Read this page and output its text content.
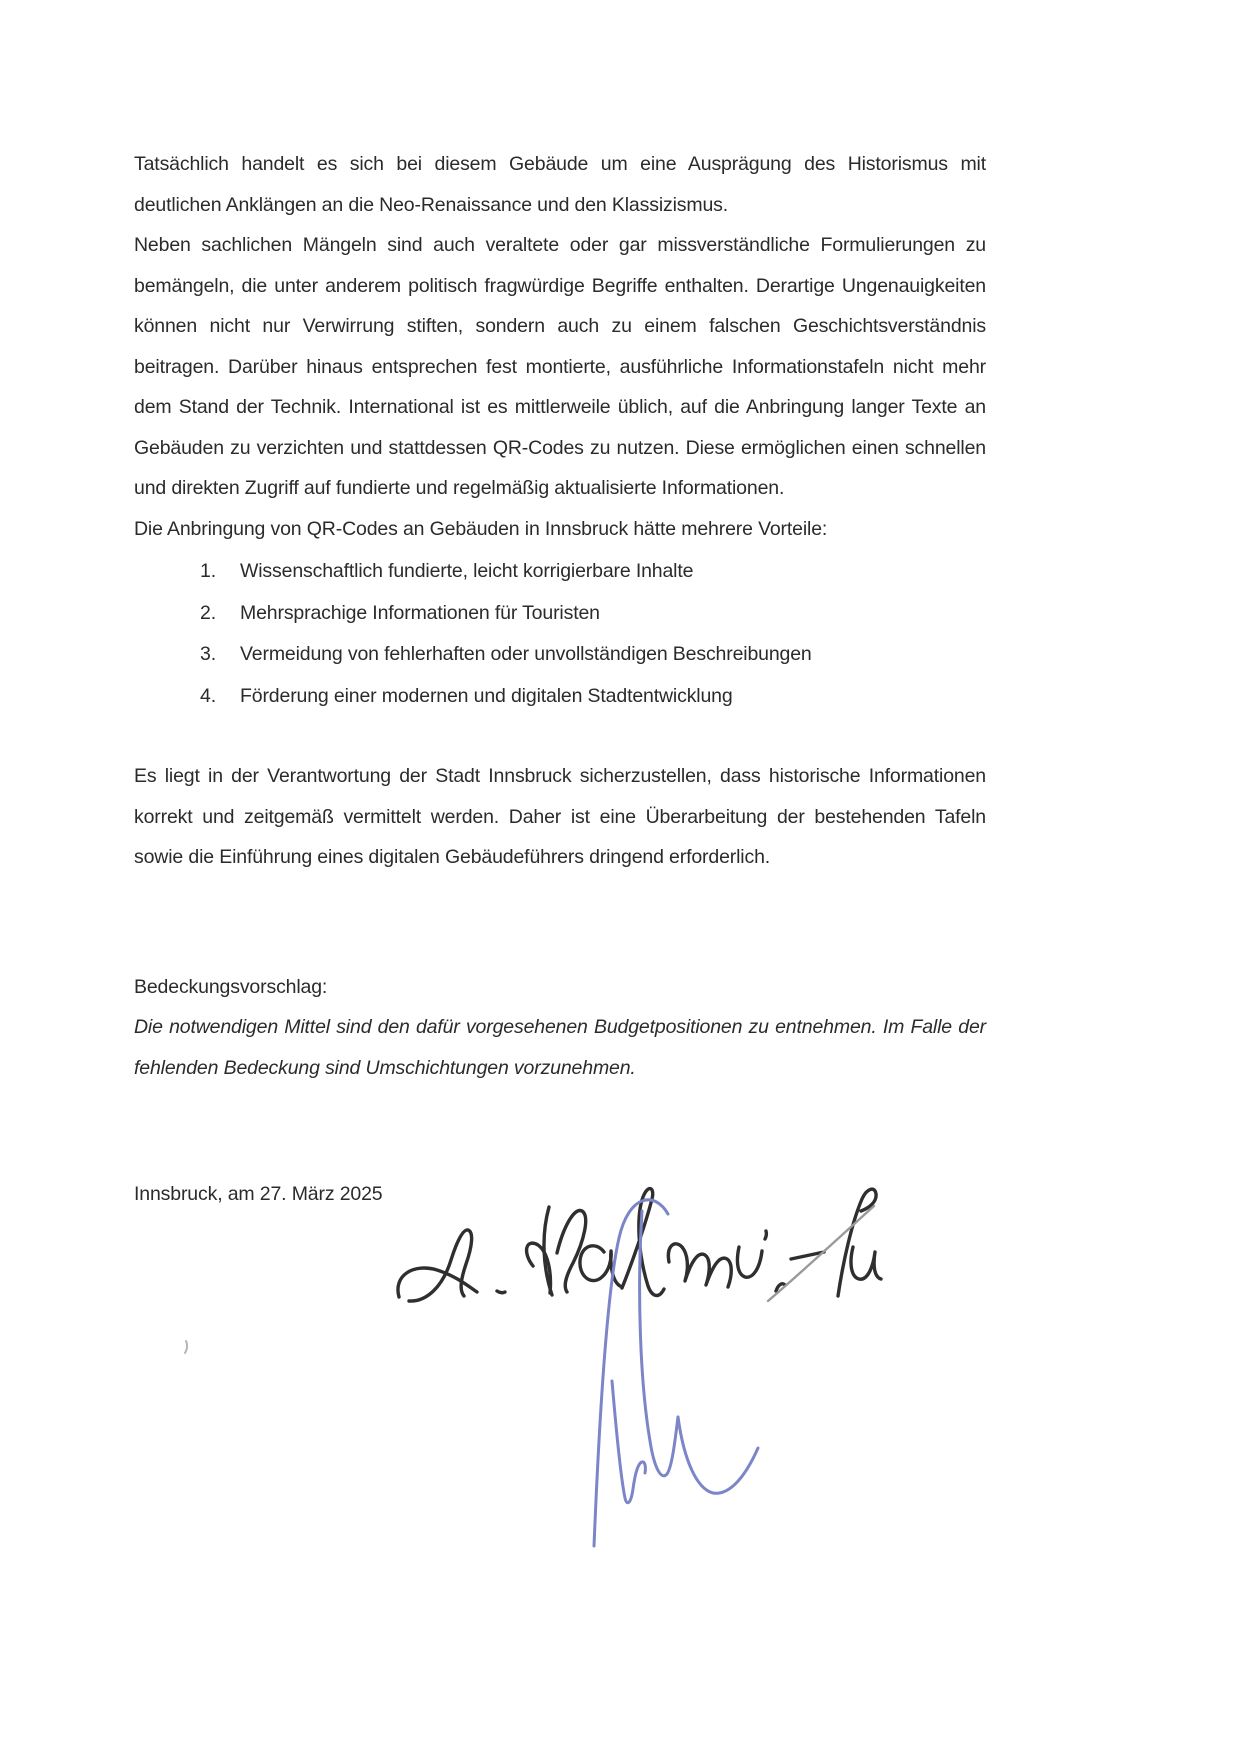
Tatsächlich handelt es sich bei diesem Gebäude um eine Ausprägung des Historismus mit deutlichen Anklängen an die Neo-Renaissance und den Klassizismus.

Neben sachlichen Mängeln sind auch veraltete oder gar missverständliche Formulierungen zu bemängeln, die unter anderem politisch fragwürdige Begriffe enthalten. Derartige Ungenauigkeiten können nicht nur Verwirrung stiften, sondern auch zu einem falschen Geschichtsverständnis beitragen. Darüber hinaus entsprechen fest montierte, ausführliche Informationstafeln nicht mehr dem Stand der Technik. International ist es mittlerweile üblich, auf die Anbringung langer Texte an Gebäuden zu verzichten und stattdessen QR-Codes zu nutzen. Diese ermöglichen einen schnellen und direkten Zugriff auf fundierte und regelmäßig aktualisierte Informationen.

Die Anbringung von QR-Codes an Gebäuden in Innsbruck hätte mehrere Vorteile:

1.	Wissenschaftlich fundierte, leicht korrigierbare Inhalte
2.	Mehrsprachige Informationen für Touristen
3.	Vermeidung von fehlerhaften oder unvollständigen Beschreibungen
4.	Förderung einer modernen und digitalen Stadtentwicklung

Es liegt in der Verantwortung der Stadt Innsbruck sicherzustellen, dass historische Informationen korrekt und zeitgemäß vermittelt werden. Daher ist eine Überarbeitung der bestehenden Tafeln sowie die Einführung eines digitalen Gebäudeführers dringend erforderlich.

Bedeckungsvorschlag:

Die notwendigen Mittel sind den dafür vorgesehenen Budgetpositionen zu entnehmen. Im Falle der fehlenden Bedeckung sind Umschichtungen vorzunehmen.

Innsbruck, am 27. März 2025
